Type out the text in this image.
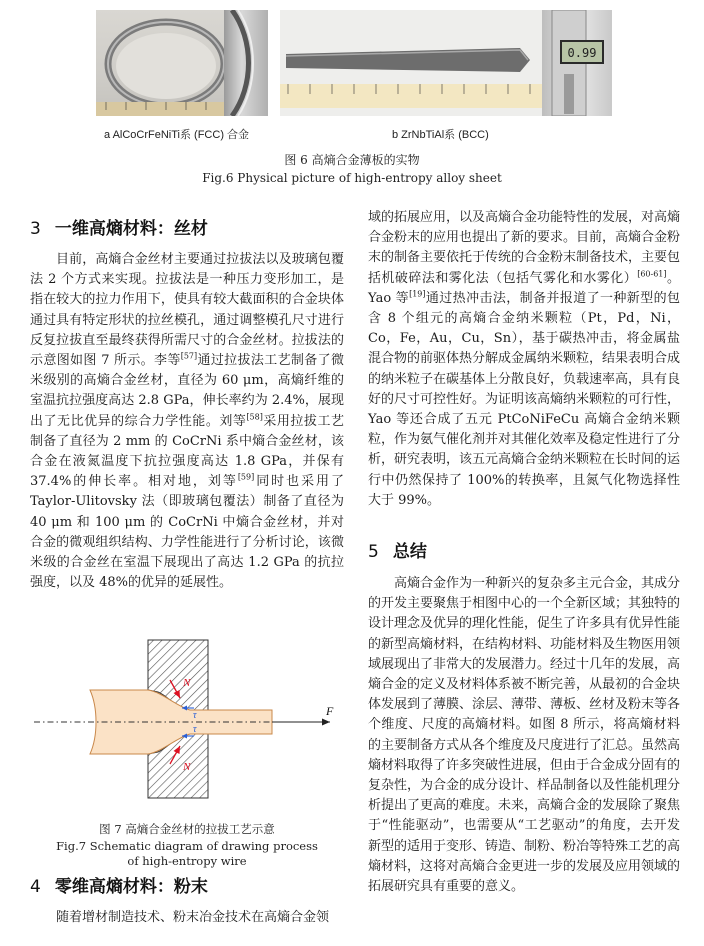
0.99
a AlCoCrFeNiTi系 (FCC) 合金	b ZrNbTiAl系 (BCC)
图 6 高熵合金薄板的实物
Fig.6 Physical picture of high-entropy alloy sheet
3 一维高熵材料：丝材

目前，高熵合金丝材主要通过拉拔法以及玻璃包覆法 2 个方式来实现。拉拔法是一种压力变形加工，是指在较大的拉力作用下，使具有较大截面积的合金块体通过具有特定形状的拉丝模孔，通过调整模孔尺寸进行反复拉拔直至最终获得所需尺寸的合金丝材。拉拔法的示意图如图 7 所示。李等[57]通过拉拔法工艺制备了微米级别的高熵合金丝材，直径为 60 μm，高熵纤维的室温抗拉强度高达 2.8 GPa，伸长率约为 2.4%，展现出了无比优异的综合力学性能。刘等[58]采用拉拔工艺制备了直径为 2 mm 的 CoCrNi 系中熵合金丝材，该合金在液氮温度下抗拉强度高达 1.8 GPa，并保有 37.4%的伸长率。相对地，刘等[59]同时也采用了 Taylor-Ulitovsky 法（即玻璃包覆法）制备了直径为 40 μm 和 100 μm 的 CoCrNi 中熵合金丝材，并对合金的微观组织结构、力学性能进行了分析讨论，该微米级的合金丝在室温下展现出了高达 1.2 GPa 的抗拉强度，以及 48%的优异的延展性。

F
N
N
τ
τ
图 7 高熵合金丝材的拉拔工艺示意
Fig.7 Schematic diagram of drawing process
of high-entropy wire
4 零维高熵材料：粉末

随着增材制造技术、粉末冶金技术在高熵合金领

域的拓展应用，以及高熵合金功能特性的发展，对高熵合金粉末的应用也提出了新的要求。目前，高熵合金粉末的制备主要依托于传统的合金粉末制备技术，主要包括机破碎法和雾化法（包括气雾化和水雾化）[60-61]。Yao 等[19]通过热冲击法，制备并报道了一种新型的包含 8 个组元的高熵合金纳米颗粒（Pt，Pd，Ni，Co，Fe，Au，Cu，Sn），基于碳热冲击，将金属盐混合物的前驱体热分解成金属纳米颗粒，结果表明合成的纳米粒子在碳基体上分散良好，负载速率高，具有良好的尺寸可控性好。为证明该高熵纳米颗粒的可行性，Yao 等还合成了五元 PtCoNiFeCu 高熵合金纳米颗粒，作为氨气催化剂并对其催化效率及稳定性进行了分析，研究表明，该五元高熵合金纳米颗粒在长时间的运行中仍然保持了 100%的转换率，且氮气化物选择性大于 99%。

5 总结

高熵合金作为一种新兴的复杂多主元合金，其成分的开发主要聚焦于相图中心的一个全新区域；其独特的设计理念及优异的理化性能，促生了许多具有优异性能的新型高熵材料，在结构材料、功能材料及生物医用领域展现出了非常大的发展潜力。经过十几年的发展，高熵合金的定义及材料体系被不断完善，从最初的合金块体发展到了薄膜、涂层、薄带、薄板、丝材及粉末等各个维度、尺度的高熵材料。如图 8 所示，将高熵材料的主要制备方式从各个维度及尺度进行了汇总。虽然高熵材料取得了许多突破性进展，但由于合金成分固有的复杂性，为合金的成分设计、样品制备以及性能机理分析提出了更高的难度。未来，高熵合金的发展除了聚焦于“性能驱动”，也需要从“工艺驱动”的角度，去开发新型的适用于变形、铸造、制粉、粉冶等特殊工艺的高熵材料，这将对高熵合金更进一步的发展及应用领域的拓展研究具有重要的意义。
